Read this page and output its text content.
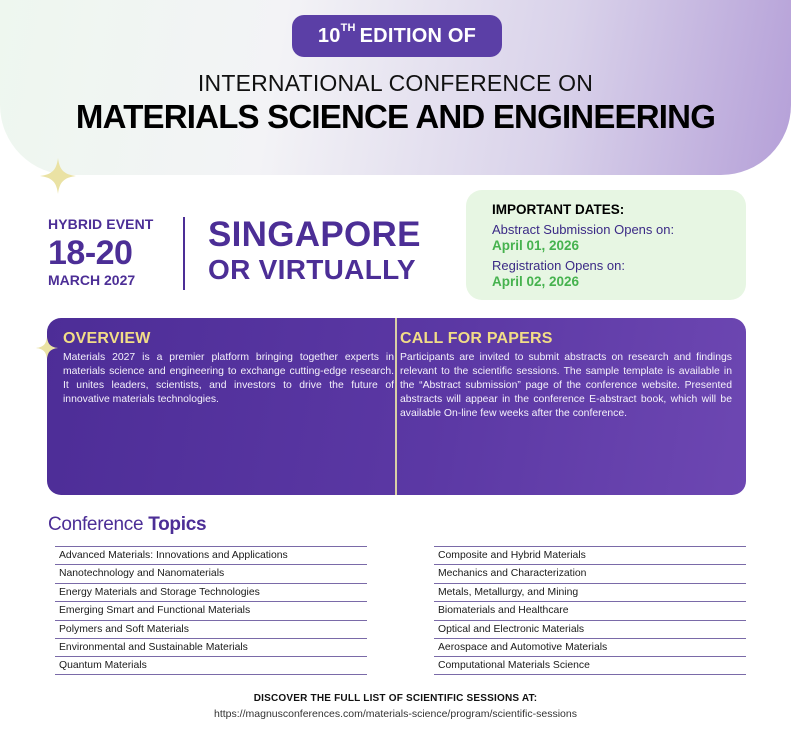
10TH EDITION OF
INTERNATIONAL CONFERENCE ON
MATERIALS SCIENCE AND ENGINEERING
HYBRID EVENT
18-20
MARCH 2027
SINGAPORE
OR VIRTUALLY
IMPORTANT DATES:
Abstract Submission Opens on:
April 01, 2026
Registration Opens on:
April 02, 2026
OVERVIEW
Materials 2027 is a premier platform bringing together experts in materials science and engineering to exchange cutting-edge research. It unites leaders, scientists, and investors to drive the future of innovative materials technologies.
CALL FOR PAPERS
Participants are invited to submit abstracts on research and findings relevant to the scientific sessions. The sample template is available in the “Abstract submission” page of the conference website. Presented abstracts will appear in the conference E-abstract book, which will be available On-line few weeks after the conference.
Conference Topics
Advanced Materials: Innovations and Applications
Nanotechnology and Nanomaterials
Energy Materials and Storage Technologies
Emerging Smart and Functional Materials
Polymers and Soft Materials
Environmental and Sustainable Materials
Quantum Materials
Composite and Hybrid Materials
Mechanics and Characterization
Metals, Metallurgy, and Mining
Biomaterials and Healthcare
Optical and Electronic Materials
Aerospace and Automotive Materials
Computational Materials Science
DISCOVER THE FULL LIST OF SCIENTIFIC SESSIONS AT:
https://magnusconferences.com/materials-science/program/scientific-sessions
